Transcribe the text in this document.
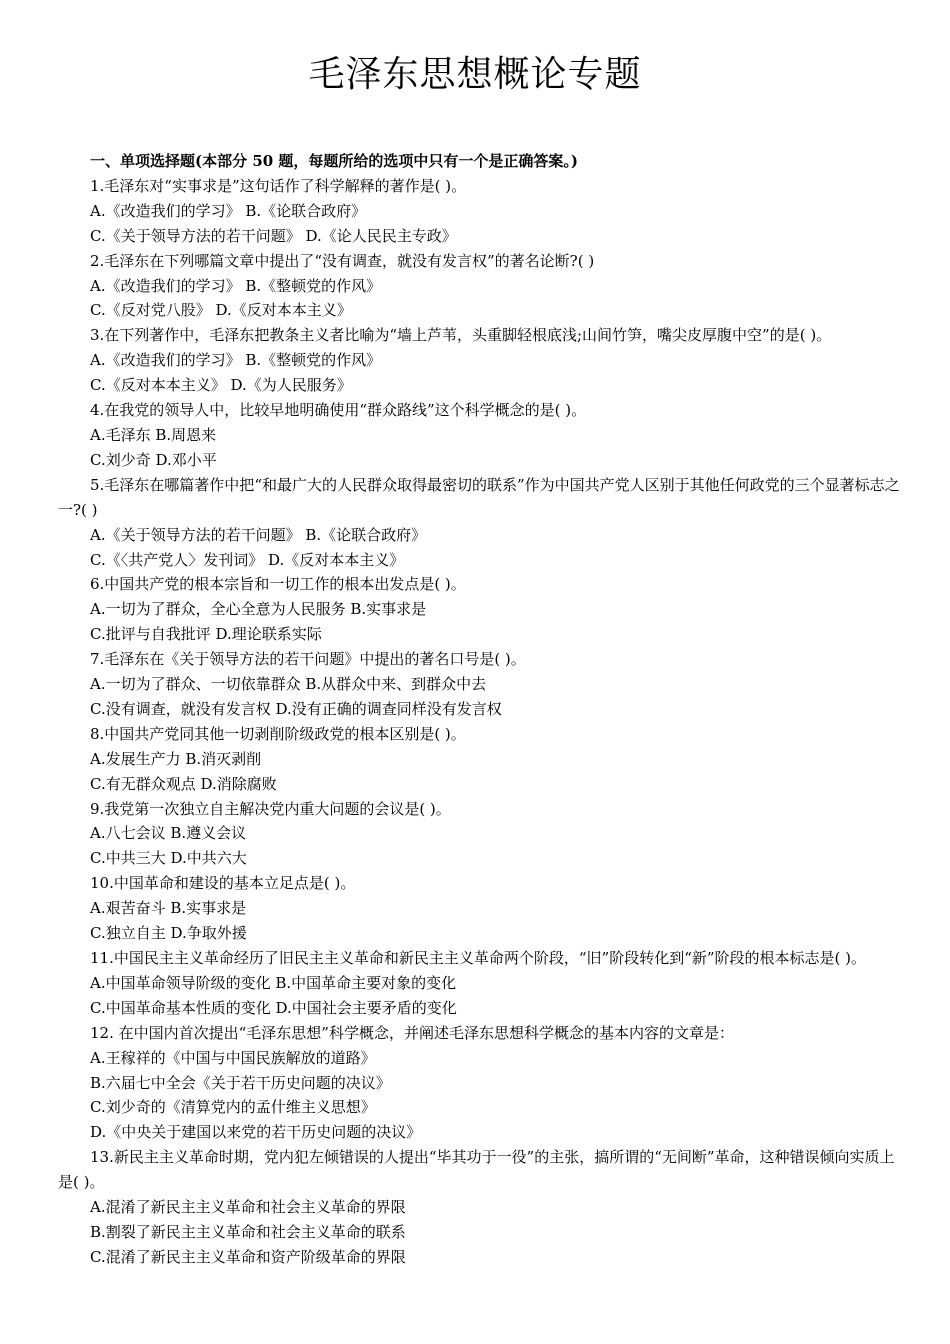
毛泽东思想概论专题

一、单项选择题(本部分 50 题，每题所给的选项中只有一个是正确答案。)

1.毛泽东对“实事求是”这句话作了科学解释的著作是( )。

A.《改造我们的学习》 B.《论联合政府》

C.《关于领导方法的若干问题》 D.《论人民民主专政》

2.毛泽东在下列哪篇文章中提出了“没有调查，就没有发言权”的著名论断?( )

A.《改造我们的学习》 B.《整顿党的作风》

C.《反对党八股》 D.《反对本本主义》

3.在下列著作中，毛泽东把教条主义者比喻为“墙上芦苇，头重脚轻根底浅;山间竹笋，嘴尖皮厚腹中空”的是( )。

A.《改造我们的学习》 B.《整顿党的作风》

C.《反对本本主义》 D.《为人民服务》

4.在我党的领导人中，比较早地明确使用“群众路线”这个科学概念的是( )。

A.毛泽东 B.周恩来

C.刘少奇 D.邓小平

5.毛泽东在哪篇著作中把“和最广大的人民群众取得最密切的联系”作为中国共产党人区别于其他任何政党的三个显著标志之一?( )

A.《关于领导方法的若干问题》 B.《论联合政府》

C.《〈共产党人〉发刊词》 D.《反对本本主义》

6.中国共产党的根本宗旨和一切工作的根本出发点是( )。

A.一切为了群众，全心全意为人民服务 B.实事求是

C.批评与自我批评 D.理论联系实际

7.毛泽东在《关于领导方法的若干问题》中提出的著名口号是( )。

A.一切为了群众、一切依靠群众 B.从群众中来、到群众中去

C.没有调查，就没有发言权 D.没有正确的调查同样没有发言权

8.中国共产党同其他一切剥削阶级政党的根本区别是( )。

A.发展生产力 B.消灭剥削

C.有无群众观点 D.消除腐败

9.我党第一次独立自主解决党内重大问题的会议是( )。

A.八七会议 B.遵义会议

C.中共三大 D.中共六大

10.中国革命和建设的基本立足点是( )。

A.艰苦奋斗 B.实事求是

C.独立自主 D.争取外援

11.中国民主主义革命经历了旧民主主义革命和新民主主义革命两个阶段，“旧”阶段转化到“新”阶段的根本标志是( )。

A.中国革命领导阶级的变化 B.中国革命主要对象的变化

C.中国革命基本性质的变化 D.中国社会主要矛盾的变化

12. 在中国内首次提出“毛泽东思想”科学概念，并阐述毛泽东思想科学概念的基本内容的文章是：

A.王稼祥的《中国与中国民族解放的道路》

B.六届七中全会《关于若干历史问题的决议》

C.刘少奇的《清算党内的孟什维主义思想》

D.《中央关于建国以来党的若干历史问题的决议》

13.新民主主义革命时期，党内犯左倾错误的人提出“毕其功于一役”的主张，搞所谓的“无间断”革命，这种错误倾向实质上是( )。

A.混淆了新民主主义革命和社会主义革命的界限

B.割裂了新民主主义革命和社会主义革命的联系

C.混淆了新民主主义革命和资产阶级革命的界限
